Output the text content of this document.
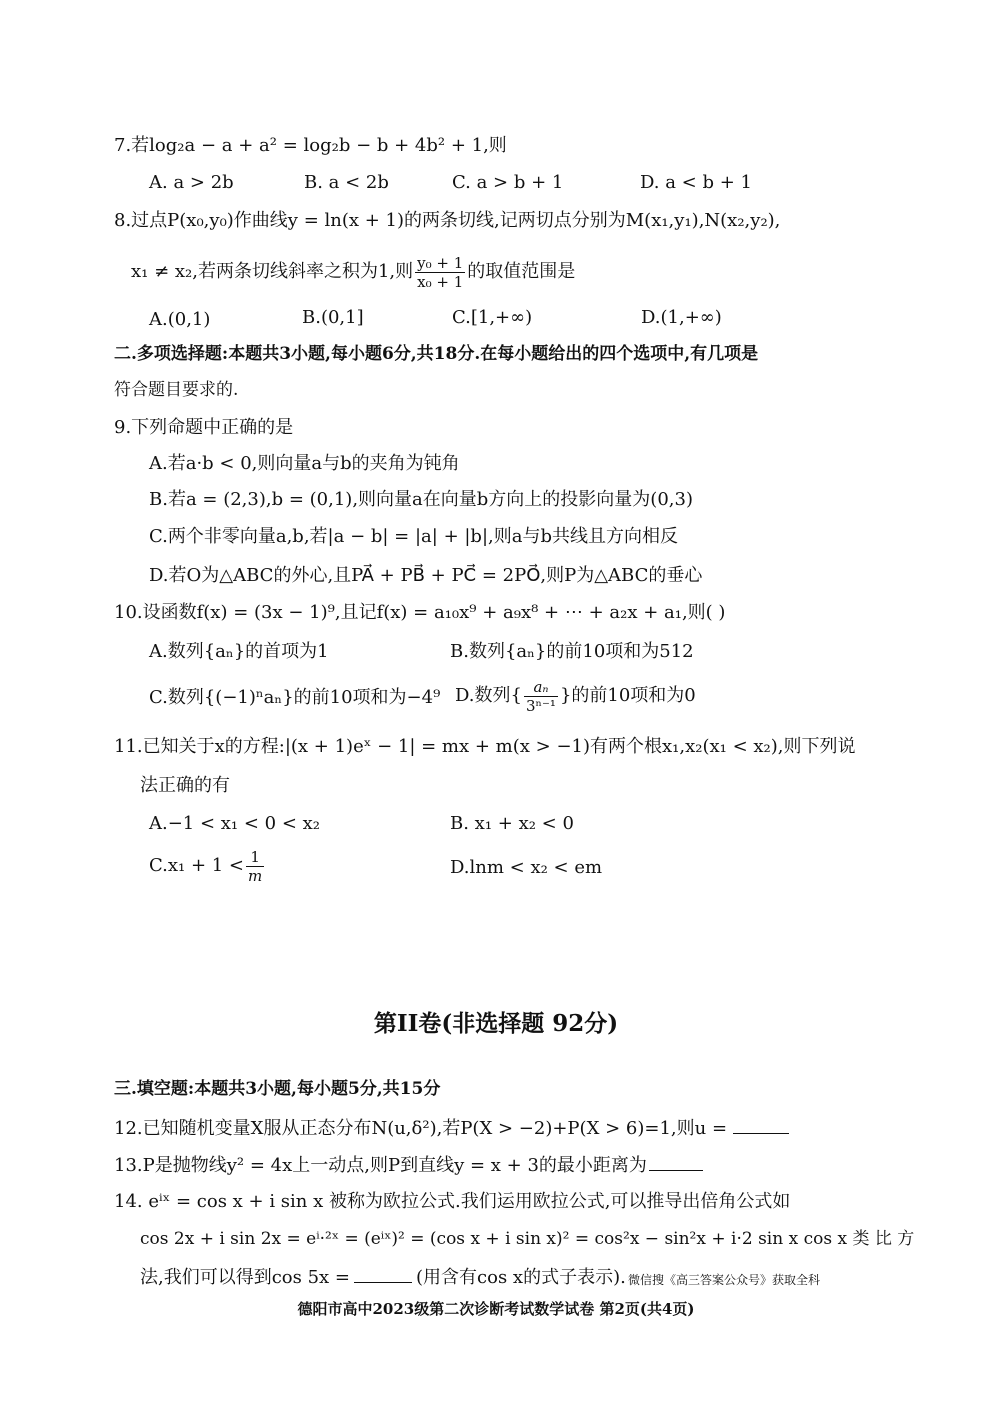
7.若log₂a − a + a² = log₂b − b + 4b² + 1,则
A. a > 2b	B. a < 2b	C. a > b + 1	D. a < b + 1
8.过点P(x₀,y₀)作曲线y = ln(x + 1)的两条切线,记两切点分别为M(x₁,y₁),N(x₂,y₂),
x₁ ≠ x₂,若两条切线斜率之积为1,则 $\frac{\text{y₀ + 1}}{\text{x₀ + 1}}$ 的取值范围是
A.(0,1)	B.(0,1]	C.[1,+∞)	D.(1,+∞)
二.多项选择题:本题共3小题,每小题6分,共18分.在每小题给出的四个选项中,有几项是
符合题目要求的.
9.下列命题中正确的是
A.若a·b < 0,则向量a与b的夹角为钝角
B.若a = (2,3),b = (0,1),则向量a在向量b方向上的投影向量为(0,3)
C.两个非零向量a,b,若|a − b| = |a| + |b|,则a与b共线且方向相反
D.若O为△ABC的外心,且PA⃗ + PB⃗ + PC⃗ = 2PO⃗,则P为△ABC的垂心
10.设函数f(x) = (3x − 1)⁹,且记f(x) = a₁₀x⁹ + a₉x⁸ + ⋯ + a₂x + a₁,则( )
A.数列{aₙ}的首项为1	B.数列{aₙ}的前10项和为512
C.数列{(−1)ⁿaₙ}的前10项和为−4⁹ D.数列{ $\frac{\text{aₙ}}{\text{3ⁿ⁻¹}}$ }的前10项和为0
11.已知关于x的方程:|(x + 1)eˣ − 1| = mx + m(x > −1)有两个根x₁,x₂(x₁ < x₂),则下列说
法正确的有
A.−1 < x₁ < 0 < x₂	B. x₁ + x₂ < 0
$C.x_1 + 1 < \frac{1}{m}$	D.lnm < x₂ < em
第II卷(非选择题 92分)
三.填空题:本题共3小题,每小题5分,共15分
12.已知随机变量X服从正态分布N(u,δ²),若P(X > −2)+P(X > 6)=1,则u =
13.P是抛物线y² = 4x上一动点,则P到直线y = x + 3的最小距离为
14. eⁱˣ = cos x + i sin x 被称为欧拉公式.我们运用欧拉公式,可以推导出倍角公式如
cos 2x + i sin 2x = eⁱ·²ˣ = (eⁱˣ)² = (cos x + i sin x)² = cos²x − sin²x + i·2 sin x cos x 类 比 方
法,我们可以得到cos 5x =	(用含有cos x的式子表示). 微信搜《高三答案公众号》获取全科
德阳市高中2023级第二次诊断考试数学试卷 第2页(共4页)
